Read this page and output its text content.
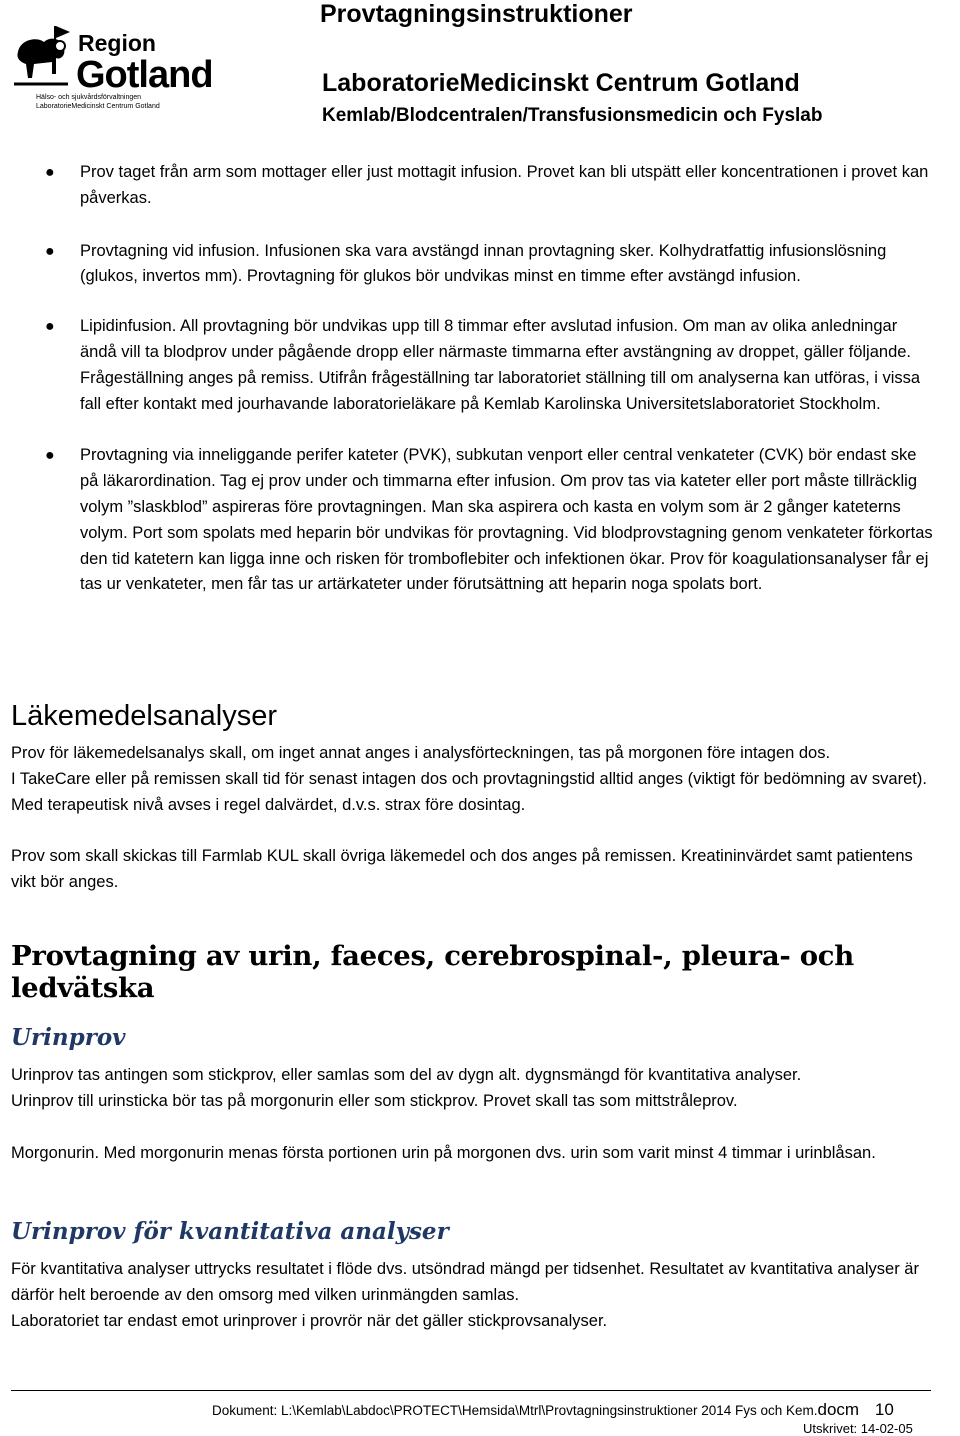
Provtagningsinstruktioner
Region
Gotland
Hälso- och sjukvårdsförvaltningen
LaboratorieMedicinskt Centrum Gotland
LaboratorieMedicinskt Centrum Gotland
Kemlab/Blodcentralen/Transfusionsmedicin och Fyslab
● Prov taget från arm som mottager eller just mottagit infusion. Provet kan bli utspätt eller koncentrationen i provet kan påverkas.
● Provtagning vid infusion. Infusionen ska vara avstängd innan provtagning sker. Kolhydratfattig infusionslösning (glukos, invertos mm). Provtagning för glukos bör undvikas minst en timme efter avstängd infusion.
● Lipidinfusion. All provtagning bör undvikas upp till 8 timmar efter avslutad infusion. Om man av olika anledningar ändå vill ta blodprov under pågående dropp eller närmaste timmarna efter avstängning av droppet, gäller följande. Frågeställning anges på remiss. Utifrån frågeställning tar laboratoriet ställning till om analyserna kan utföras, i vissa fall efter kontakt med jourhavande laboratorieläkare på Kemlab Karolinska Universitetslaboratoriet Stockholm.
● Provtagning via inneliggande perifer kateter (PVK), subkutan venport eller central venkateter (CVK) bör endast ske på läkarordination. Tag ej prov under och timmarna efter infusion. Om prov tas via kateter eller port måste tillräcklig volym ”slaskblod” aspireras före provtagningen. Man ska aspirera och kasta en volym som är 2 gånger kateterns volym. Port som spolats med heparin bör undvikas för provtagning. Vid blodprovstagning genom venkateter förkortas den tid katetern kan ligga inne och risken för tromboflebiter och infektionen ökar. Prov för koagulationsanalyser får ej tas ur venkateter, men får tas ur artärkateter under förutsättning att heparin noga spolats bort.
Läkemedelsanalyser

Prov för läkemedelsanalys skall, om inget annat anges i analysförteckningen, tas på morgonen före intagen dos.

I TakeCare eller på remissen skall tid för senast intagen dos och provtagningstid alltid anges (viktigt för bedömning av svaret). Med terapeutisk nivå avses i regel dalvärdet, d.v.s. strax före dosintag.

Prov som skall skickas till Farmlab KUL skall övriga läkemedel och dos anges på remissen. Kreatininvärdet samt patientens vikt bör anges.

Provtagning av urin, faeces, cerebrospinal-, pleura- och ledvätska
Urinprov

Urinprov tas antingen som stickprov, eller samlas som del av dygn alt. dygnsmängd för kvantitativa analyser.

Urinprov till urinsticka bör tas på morgonurin eller som stickprov. Provet skall tas som mittstråleprov.

Morgonurin. Med morgonurin menas första portionen urin på morgonen dvs. urin som varit minst 4 timmar i urinblåsan.

Urinprov för kvantitativa analyser

För kvantitativa analyser uttrycks resultatet i flöde dvs. utsöndrad mängd per tidsenhet. Resultatet av kvantitativa analyser är därför helt beroende av den omsorg med vilken urinmängden samlas.

Laboratoriet tar endast emot urinprover i provrör när det gäller stickprovsanalyser.

Dokument: L:\Kemlab\Labdoc\PROTECT\Hemsida\Mtrl\Provtagningsinstruktioner 2014 Fys och Kem.docm 10
Utskrivet: 14-02-05
